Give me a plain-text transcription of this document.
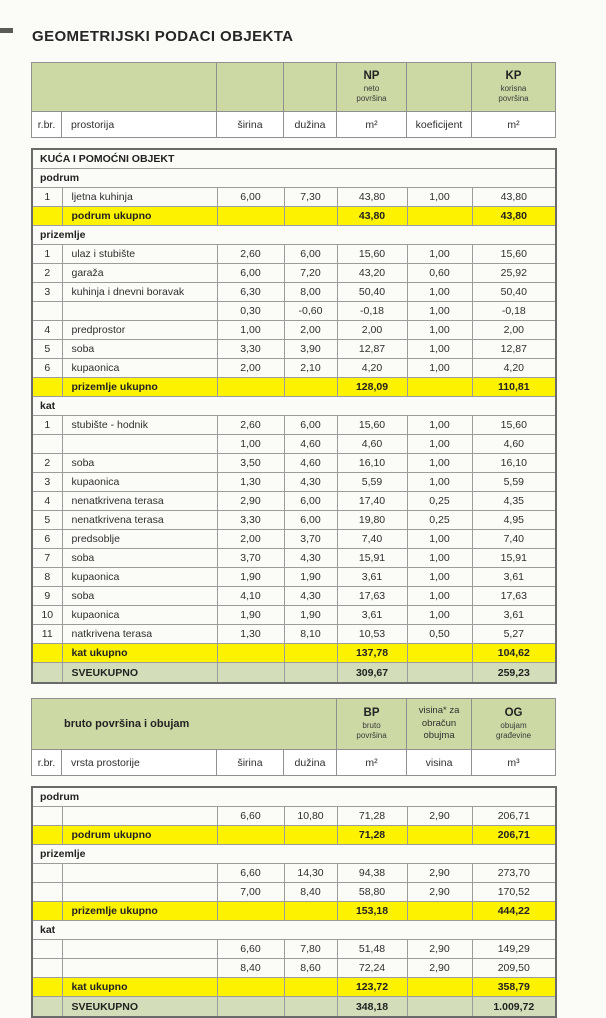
GEOMETRIJSKI PODACI OBJEKTA

NP
neto
površina

KP
korisna
površina

r.br.	prostorija	širina	dužina	m²	koeficijent	m²
KUĆA I POMOĆNI OBJEKT						
podrum						
1	ljetna kuhinja	6,00	7,30	43,80	1,00	43,80
	podrum ukupno			43,80		43,80
prizemlje						
1	ulaz i stubište	2,60	6,00	15,60	1,00	15,60
2	garaža	6,00	7,20	43,20	0,60	25,92
3	kuhinja i dnevni boravak	6,30	8,00	50,40	1,00	50,40
		0,30	-0,60	-0,18	1,00	-0,18
4	predprostor	1,00	2,00	2,00	1,00	2,00
5	soba	3,30	3,90	12,87	1,00	12,87
6	kupaonica	2,00	2,10	4,20	1,00	4,20
	prizemlje ukupno			128,09		110,81
kat						
1	stubište - hodnik	2,60	6,00	15,60	1,00	15,60
		1,00	4,60	4,60	1,00	4,60
2	soba	3,50	4,60	16,10	1,00	16,10
3	kupaonica	1,30	4,30	5,59	1,00	5,59
4	nenatkrivena terasa	2,90	6,00	17,40	0,25	4,35
5	nenatkrivena terasa	3,30	6,00	19,80	0,25	4,95
6	predsoblje	2,00	3,70	7,40	1,00	7,40
7	soba	3,70	4,30	15,91	1,00	15,91
8	kupaonica	1,90	1,90	3,61	1,00	3,61
9	soba	4,10	4,30	17,63	1,00	17,63
10	kupaonica	1,90	1,90	3,61	1,00	3,61
11	natkrivena terasa	1,30	8,10	10,53	0,50	5,27
	kat ukupno			137,78		104,62
	SVEUKUPNO			309,67		259,23
bruto površina i obujam	
BP
bruto
površina

visina* za
obračun
obujma

OG
obujam
građevine

r.br.	vrsta prostorije	širina	dužina	m²	visina	m³
podrum						
		6,60	10,80	71,28	2,90	206,71
	podrum ukupno			71,28		206,71
prizemlje						
		6,60	14,30	94,38	2,90	273,70
		7,00	8,40	58,80	2,90	170,52
	prizemlje ukupno			153,18		444,22
kat						
		6,60	7,80	51,48	2,90	149,29
		8,40	8,60	72,24	2,90	209,50
	kat ukupno			123,72		358,79
	SVEUKUPNO			348,18		1.009,72
